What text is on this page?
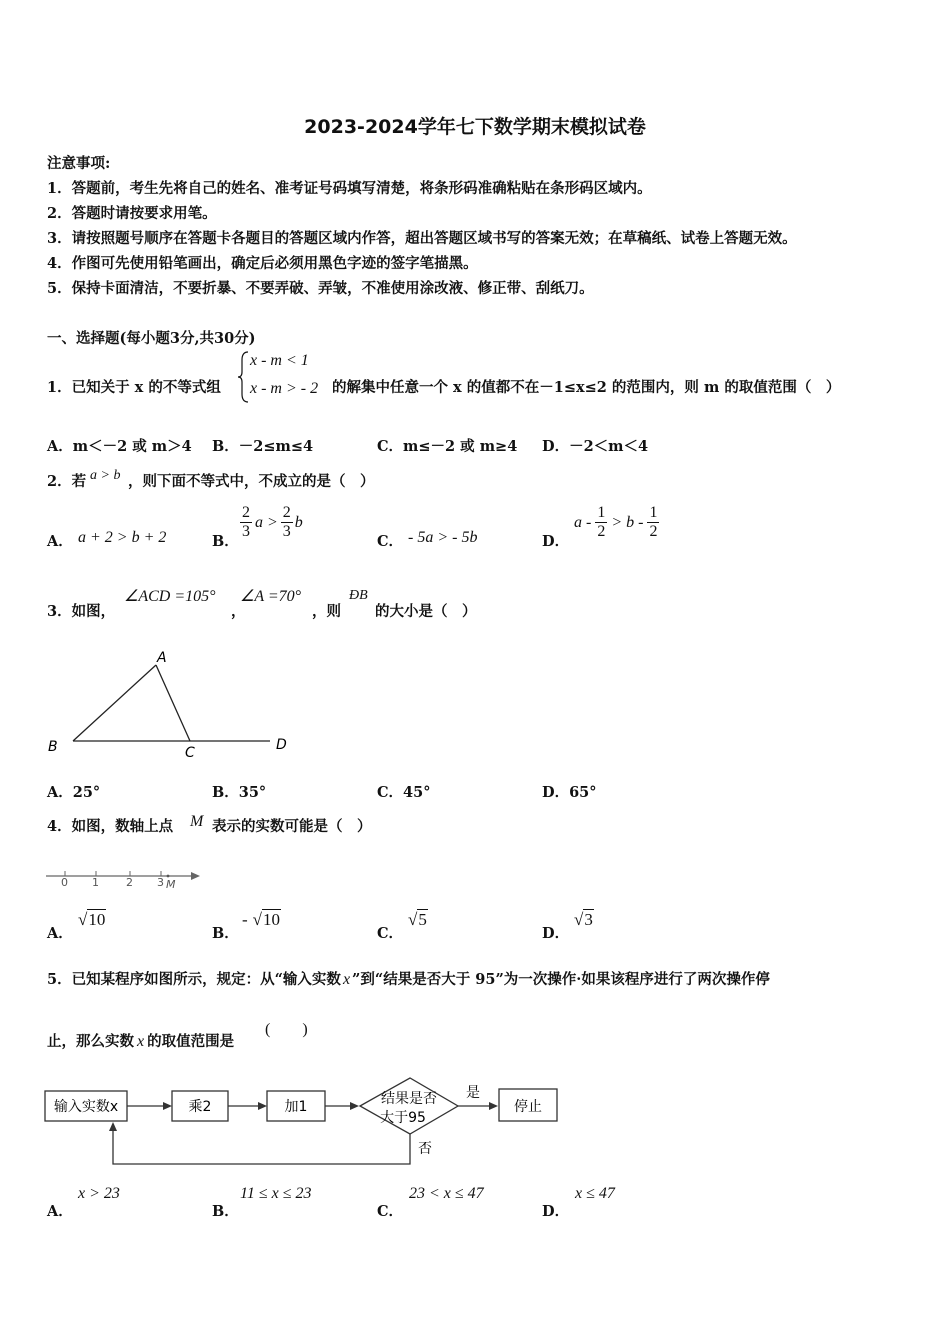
2023-2024学年七下数学期末模拟试卷
注意事项:
1．答题前，考生先将自己的姓名、准考证号码填写清楚，将条形码准确粘贴在条形码区域内。
2．答题时请按要求用笔。
3．请按照题号顺序在答题卡各题目的答题区域内作答，超出答题区域书写的答案无效；在草稿纸、试卷上答题无效。
4．作图可先使用铅笔画出，确定后必须用黑色字迹的签字笔描黑。
5．保持卡面清洁，不要折暴、不要弄破、弄皱，不准使用涂改液、修正带、刮纸刀。
一、选择题(每小题3分,共30分)
1．已知关于 x 的不等式组
x - m < 1
x - m > - 2 的解集中任意一个 x 的值都不在－1≤x≤2 的范围内，则 m 的取值范围（　）
A．m＜－2 或 m＞4 B．－2≤m≤4	C．m≤－2 或 m≥4 D．－2＜m＜4
2．若 a > b ，则下面不等式中，不成立的是（　）
A． a + 2 > b + 2	B．
$\frac{2}{3}$ $a > \frac{2}{3}$ b
C． - 5a > - 5b	D．
$a - \frac{1}{2} > b - \frac{1}{2}$
3．如图，
∠ACD =105°
，
∠A =70°
，则
ÐB
的大小是（　）
A
B	C	D
A．25°	B．35°	C．45°	D．65°
4．如图，数轴上点 M 表示的实数可能是（　）
0 1 2 3 M
A．
√10
B．
- √10
C．
√5
D．
√3
5．已知某程序如图所示，规定：从“输入实数 x ”到“结果是否大于 95”为一次操作·如果该程序进行了两次操作停
止，那么实数 x 的取值范围是
(　　)
输入实数x	乘2	加1	结果是否
大于95
是
停止
否
A．
x > 23
B．
11 ≤ x ≤ 23
C．
23 < x ≤ 47
D．
x ≤ 47
